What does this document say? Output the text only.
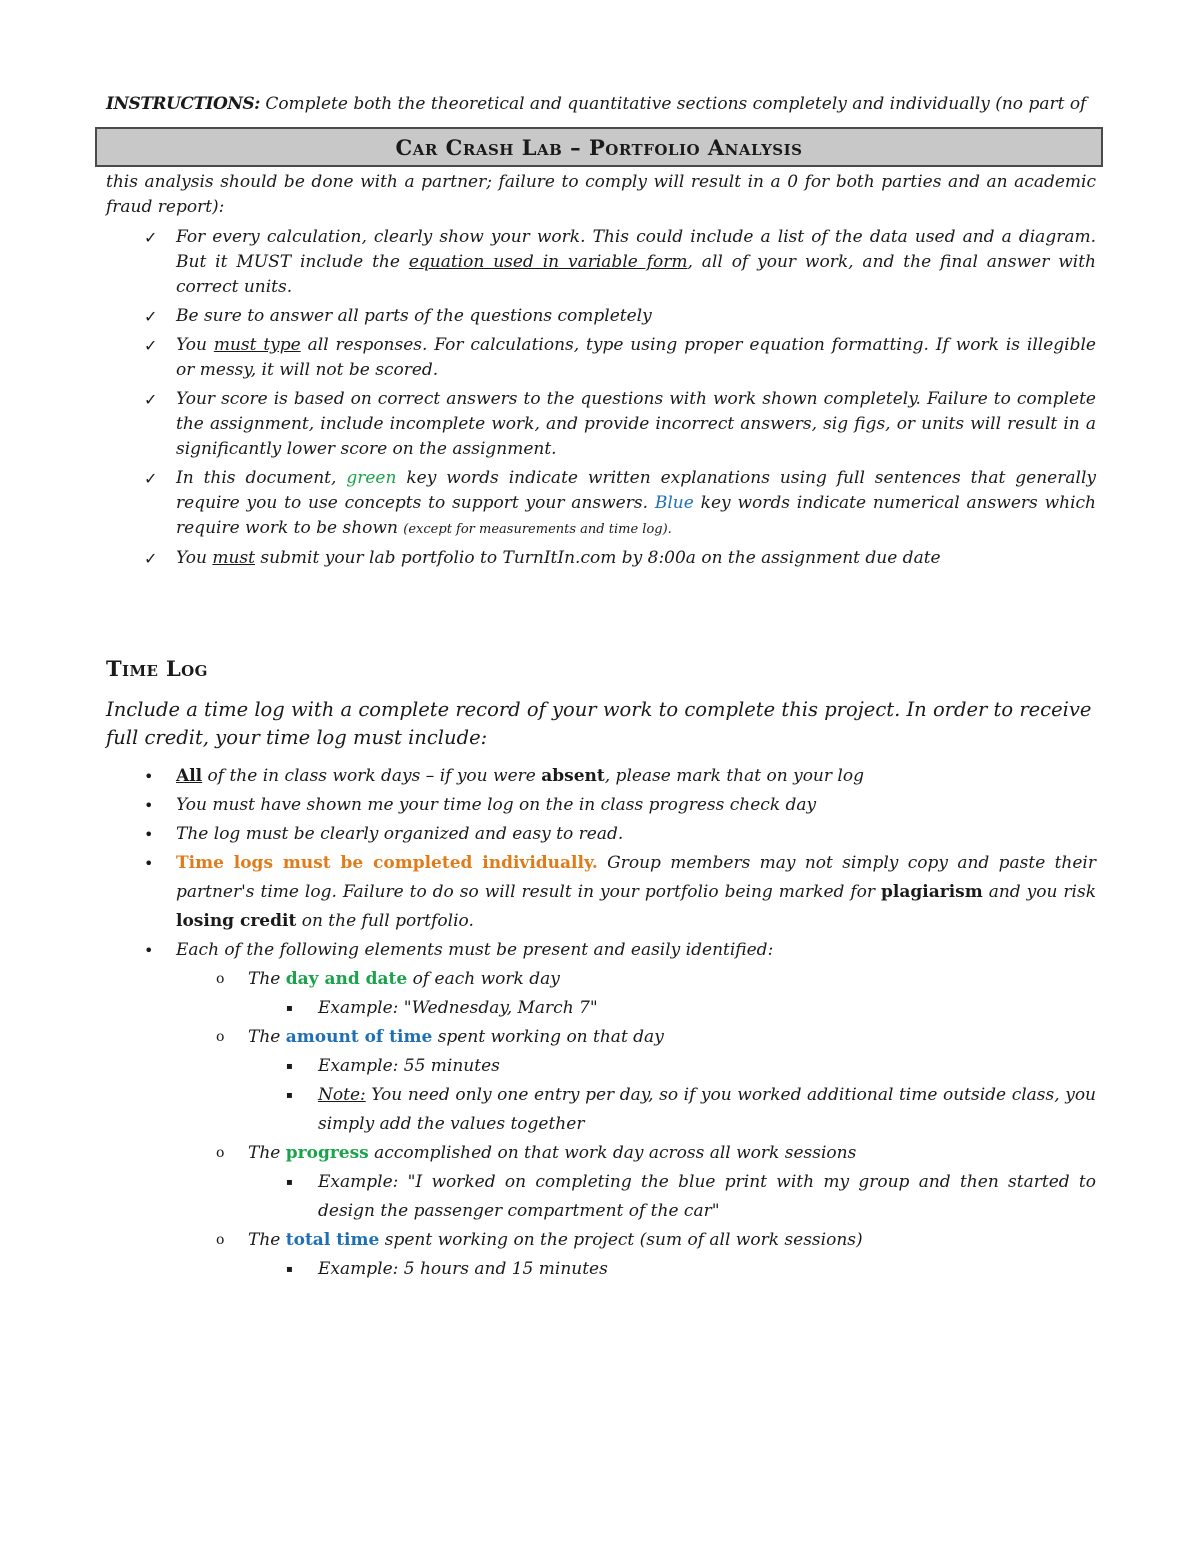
INSTRUCTIONS: Complete both the theoretical and quantitative sections completely and individually (no part of
Car Crash Lab – Portfolio Analysis
this analysis should be done with a partner; failure to comply will result in a 0 for both parties and an academic fraud report):
✓ For every calculation, clearly show your work. This could include a list of the data used and a diagram. But it MUST include the equation used in variable form, all of your work, and the final answer with correct units.
✓ Be sure to answer all parts of the questions completely
✓ You must type all responses. For calculations, type using proper equation formatting. If work is illegible or messy, it will not be scored.
✓ Your score is based on correct answers to the questions with work shown completely. Failure to complete the assignment, include incomplete work, and provide incorrect answers, sig figs, or units will result in a significantly lower score on the assignment.
✓ In this document, green key words indicate written explanations using full sentences that generally require you to use concepts to support your answers. Blue key words indicate numerical answers which require work to be shown (except for measurements and time log).
✓ You must submit your lab portfolio to TurnItIn.com by 8:00a on the assignment due date
Time Log
Include a time log with a complete record of your work to complete this project. In order to receive full credit, your time log must include:
• All of the in class work days – if you were absent, please mark that on your log
• You must have shown me your time log on the in class progress check day
• The log must be clearly organized and easy to read.
• Time logs must be completed individually. Group members may not simply copy and paste their partner's time log. Failure to do so will result in your portfolio being marked for plagiarism and you risk losing credit on the full portfolio.
• Each of the following elements must be present and easily identified:
o The day and date of each work day
▪ Example: "Wednesday, March 7"
o The amount of time spent working on that day
▪ Example: 55 minutes
▪ Note: You need only one entry per day, so if you worked additional time outside class, you simply add the values together
o The progress accomplished on that work day across all work sessions
▪ Example: "I worked on completing the blue print with my group and then started to design the passenger compartment of the car"
o The total time spent working on the project (sum of all work sessions)
▪ Example: 5 hours and 15 minutes
